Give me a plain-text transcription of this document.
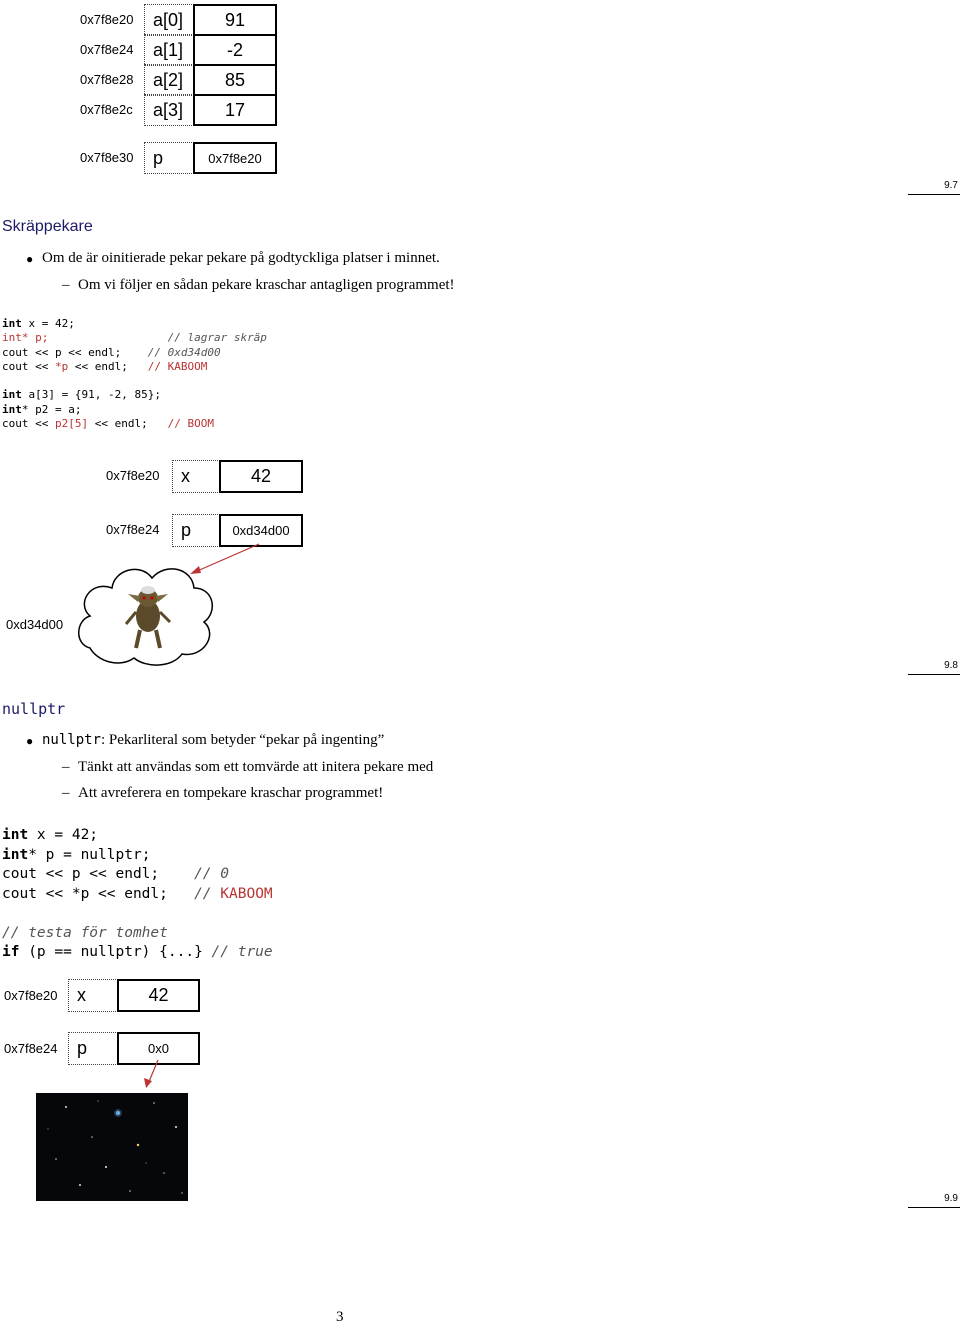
0x7f8e20	a[0]	91
0x7f8e24	a[1]	-2
0x7f8e28	a[2]	85
0x7f8e2c	a[3]	17
0x7f8e30	p	0x7f8e20
9.7
Skräppekare
● Om de är oinitierade pekar pekare på godtyckliga platser i minnet.
– Om vi följer en sådan pekare kraschar antagligen programmet!
int x = 42;
int* p;	// lagrar skräp
cout << p << endl; // 0xd34d00
cout << *p << endl; // KABOOM

int a[3] = {91, -2, 85};
int* p2 = a;
cout << p2[5] << endl; // BOOM
0x7f8e20	x	42
0x7f8e24	p	0xd34d00
0xd34d00
9.8
nullptr
● nullptr: Pekarliteral som betyder “pekar på ingenting”
– Tänkt att användas som ett tomvärde att initera pekare med
– Att avreferera en tompekare kraschar programmet!
int x = 42;
int* p = nullptr;
cout << p << endl; // 0
cout << *p << endl; // KABOOM

// testa för tomhet
if (p == nullptr) {...} // true
0x7f8e20	x	42
0x7f8e24	p	0x0
9.9
3
